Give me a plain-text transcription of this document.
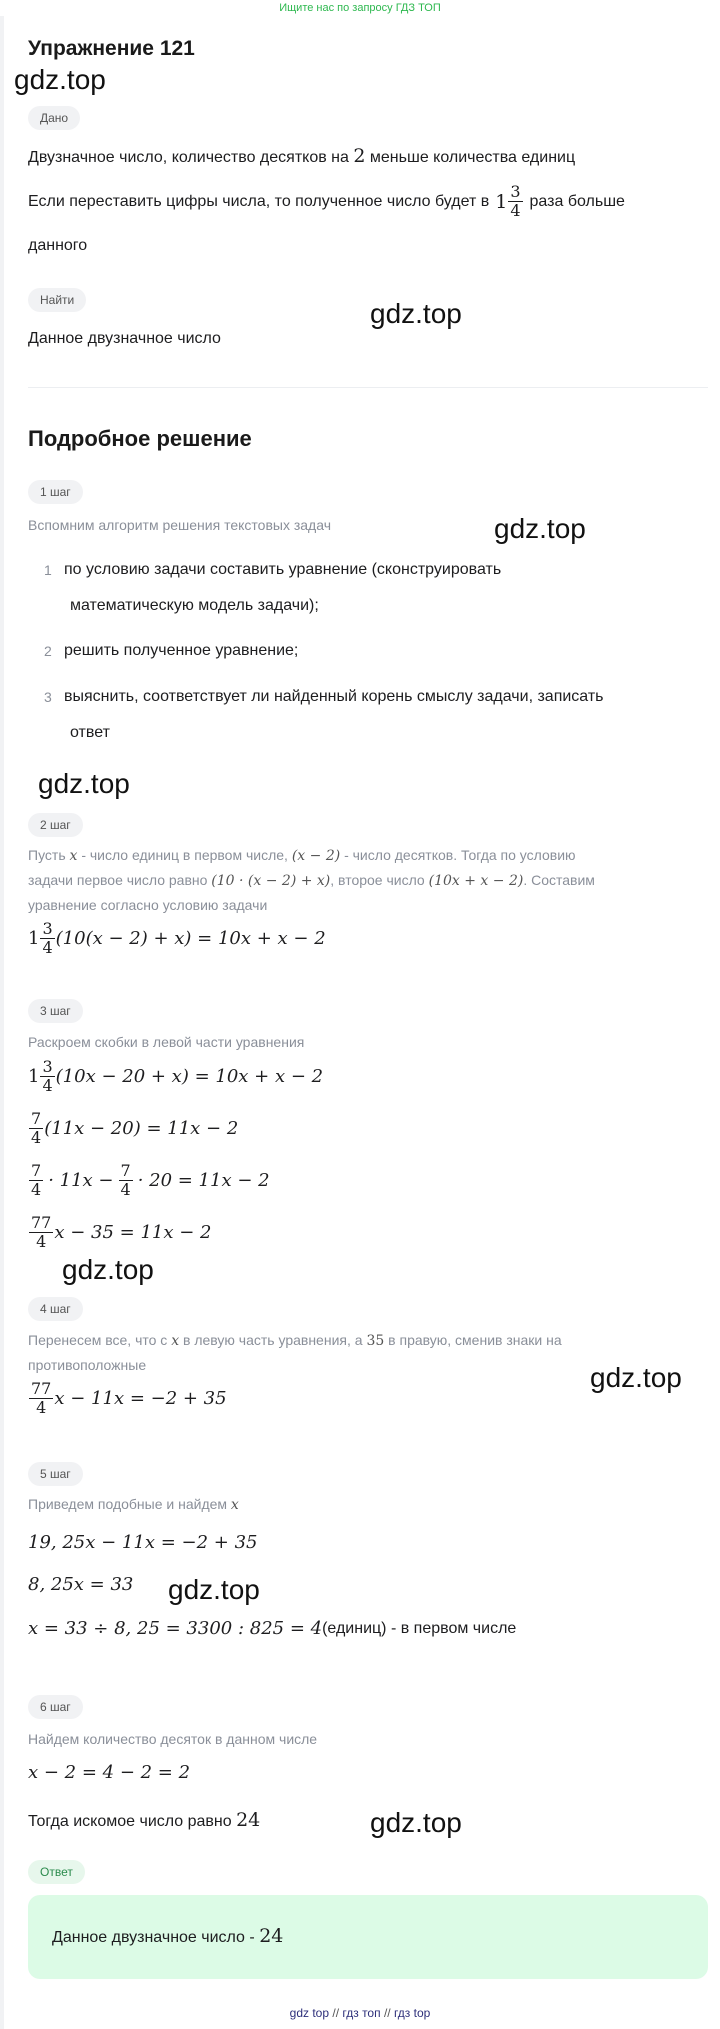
Ищите нас по запросу ГДЗ ТОП
Упражнение 121
Дано
Двузначное число, количество десятков на 2 меньше количества единиц
Если переставить цифры числа, то полученное число будет в $1 \frac{3}{4}$ раза больше
данного
Найти
Данное двузначное число
Подробное решение
1 шаг
Вспомним алгоритм решения текстовых задач
1 по условию задачи составить уравнение (сконструировать
математическую модель задачи);
2 решить полученное уравнение;
3 выяснить, соответствует ли найденный корень смыслу задачи, записать
ответ
2 шаг
Пусть x - число единиц в первом числе, (x − 2) - число десятков. Тогда по условию
задачи первое число равно (10 · (x − 2) + x), второе число (10x + x − 2). Составим
уравнение согласно условию задачи
$1 \frac{3}{4} (10(x - 2) + x) = 10x + x - 2$
3 шаг
Раскроем скобки в левой части уравнения
$1 \frac{3}{4} (10x - 20 + x) = 10x + x - 2$
$\frac{7}{4} (11x - 20) = 11x - 2$
$\frac{7}{4} \cdot 11x - \frac{7}{4} \cdot 20 = 11x - 2$
$\frac{77}{4}$ x − 35 = 11x − 2
4 шаг
Перенесем все, что с x в левую часть уравнения, а 35 в правую, сменив знаки на
противоположные
$\frac{77}{4}$ x − 11x = −2 + 35
5 шаг
Приведем подобные и найдем x
19, 25x − 11x = −2 + 35
8, 25x = 33
x = 33 ÷ 8, 25 = 3300 : 825 = 4 (единиц) - в первом числе
6 шаг
Найдем количество десяток в данном числе
x − 2 = 4 − 2 = 2
Тогда искомое число равно 24
Ответ
Данное двузначное число - 24
gdz.top
gdz.top
gdz.top
gdz.top
gdz.top
gdz.top
gdz.top
gdz.top
gdz top // гдз топ // гдз top
